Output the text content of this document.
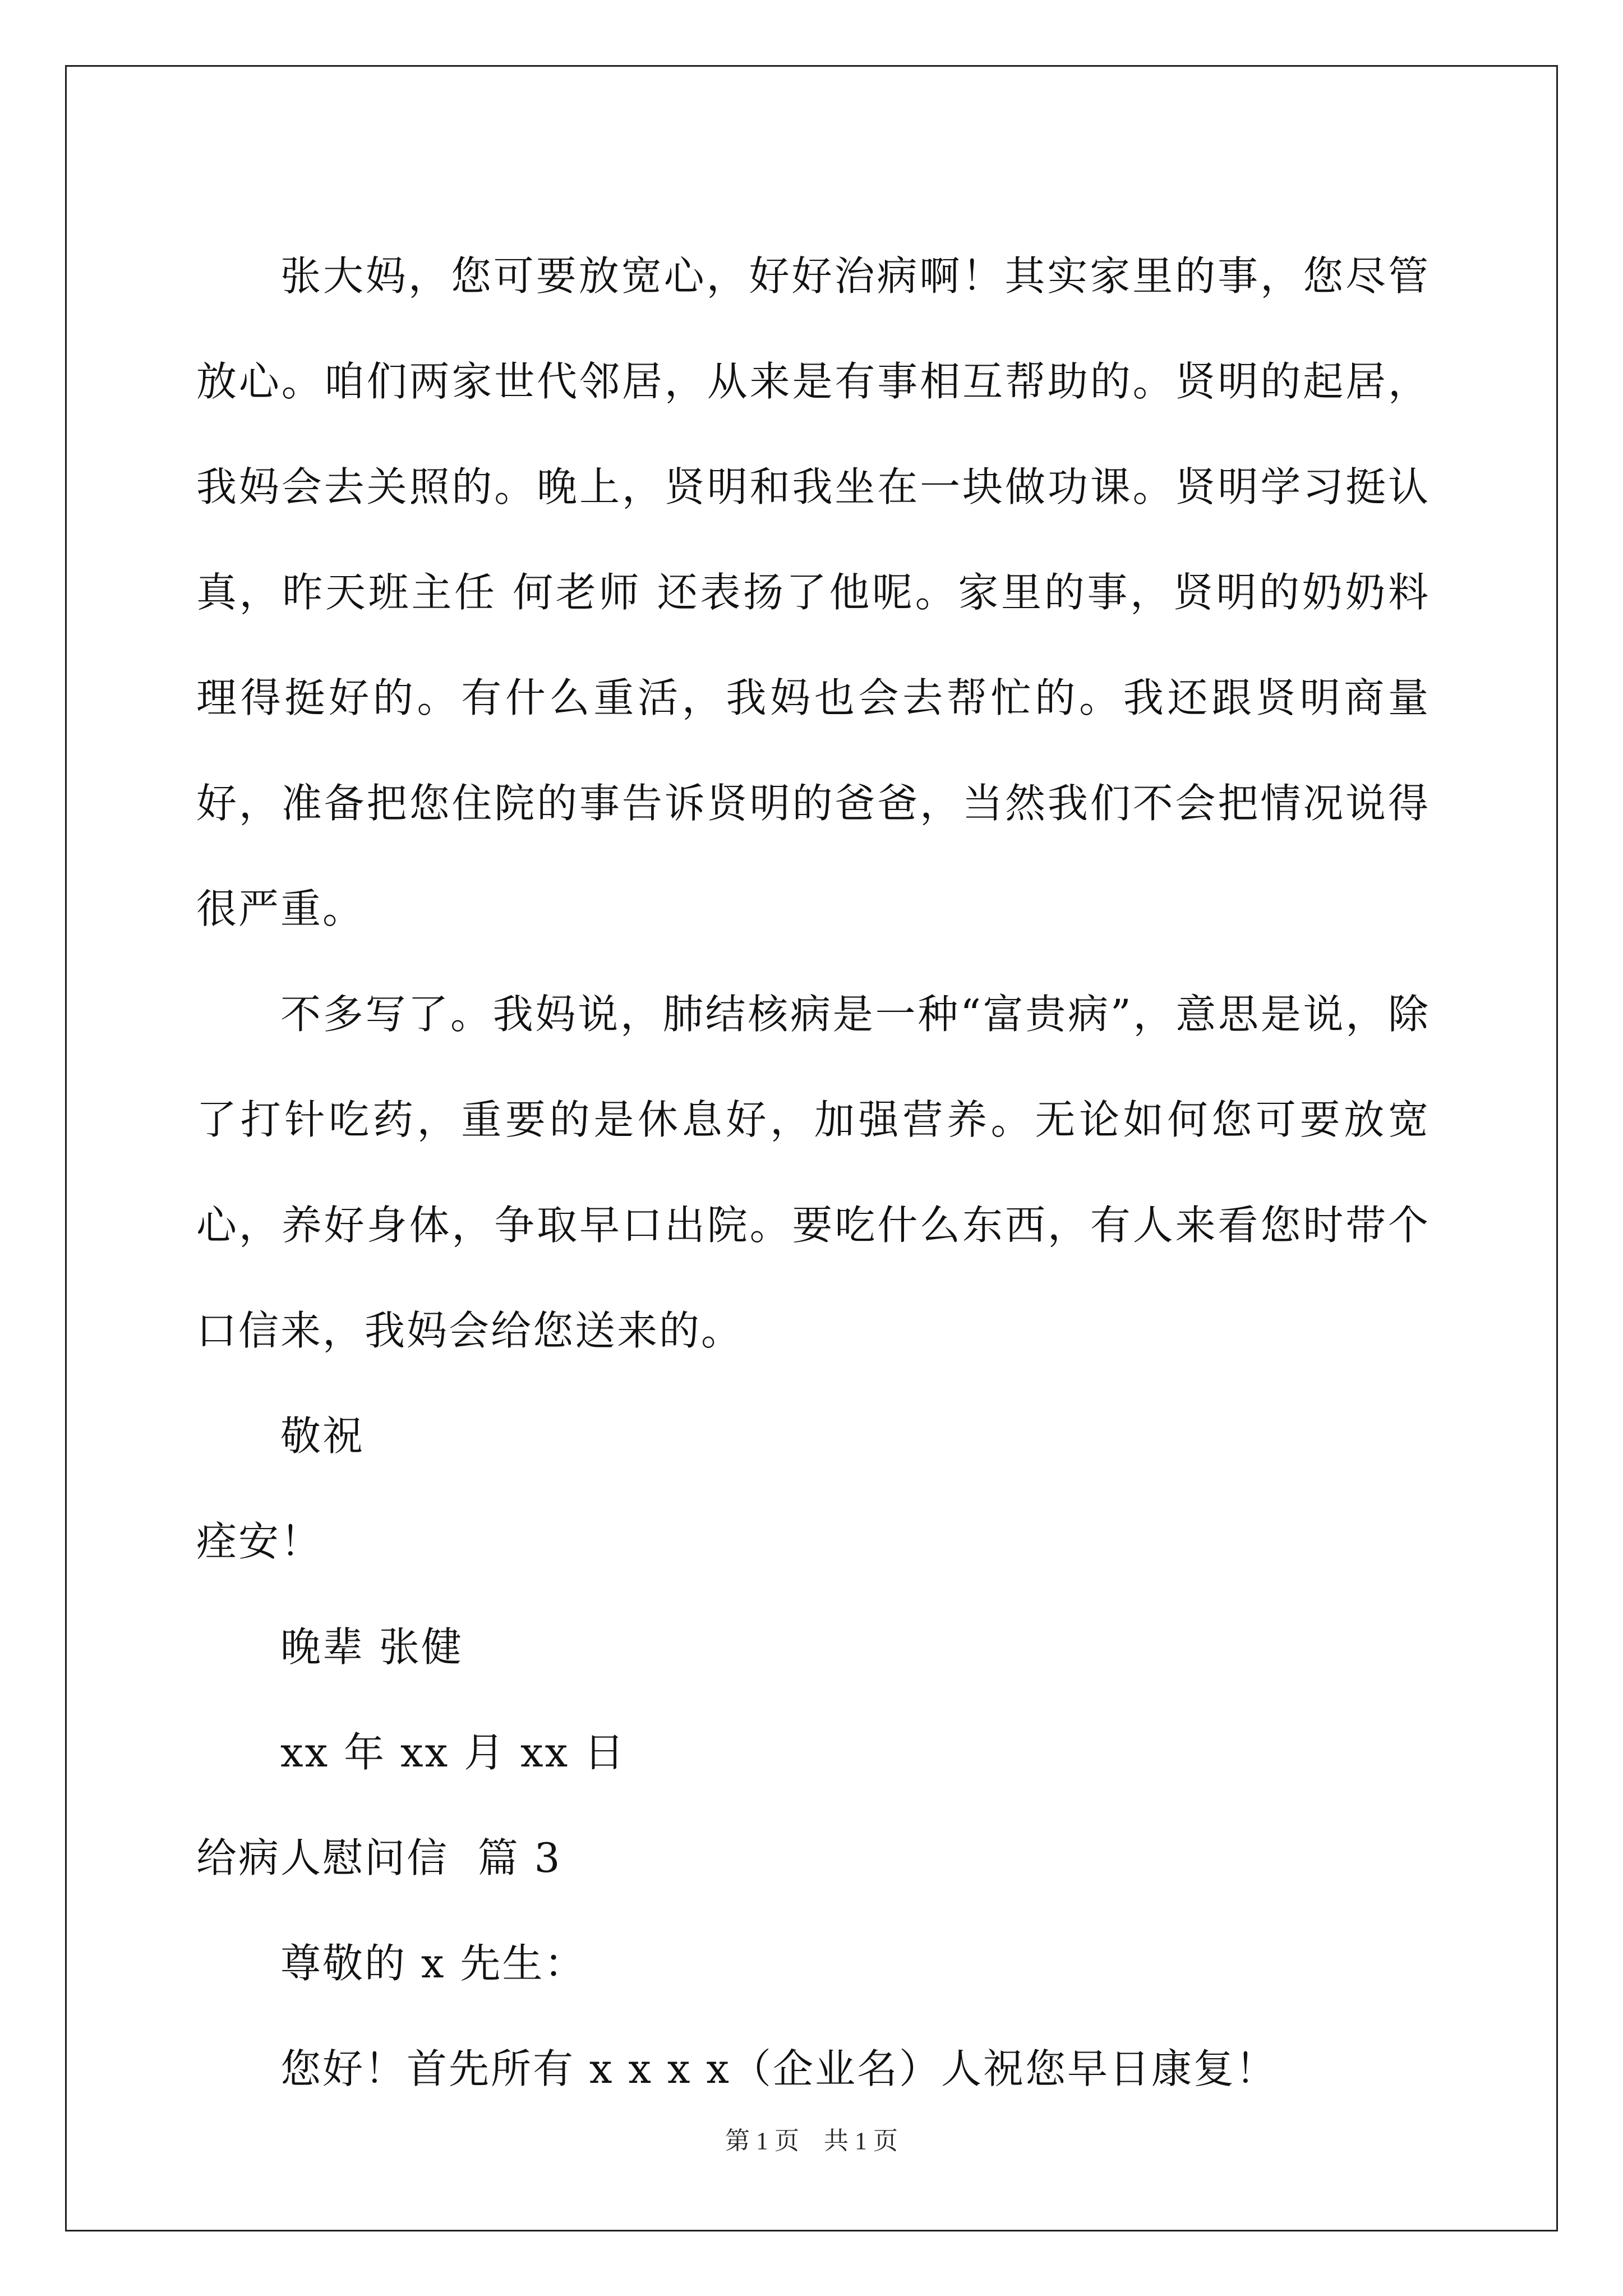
张大妈，您可要放宽心，好好治病啊！其实家里的事，您尽管放心。咱们两家世代邻居，从来是有事相互帮助的。贤明的起居，我妈会去关照的。晚上，贤明和我坐在一块做功课。贤明学习挺认真，昨天班主任 何老师 还表扬了他呢。家里的事，贤明的奶奶料理得挺好的。有什么重活，我妈也会去帮忙的。我还跟贤明商量好，准备把您住院的事告诉贤明的爸爸，当然我们不会把情况说得很严重。

不多写了。我妈说，肺结核病是一种“富贵病”，意思是说，除了打针吃药，重要的是休息好，加强营养。无论如何您可要放宽心，养好身体，争取早口出院。要吃什么东西，有人来看您时带个口信来，我妈会给您送来的。

敬祝

痊安！

晚辈 张健

xx 年 xx 月 xx 日

给病人慰问信  篇 3

尊敬的 x 先生：

您好！首先所有 x x x x（企业名）人祝您早日康复！

第 1 页    共 1 页
